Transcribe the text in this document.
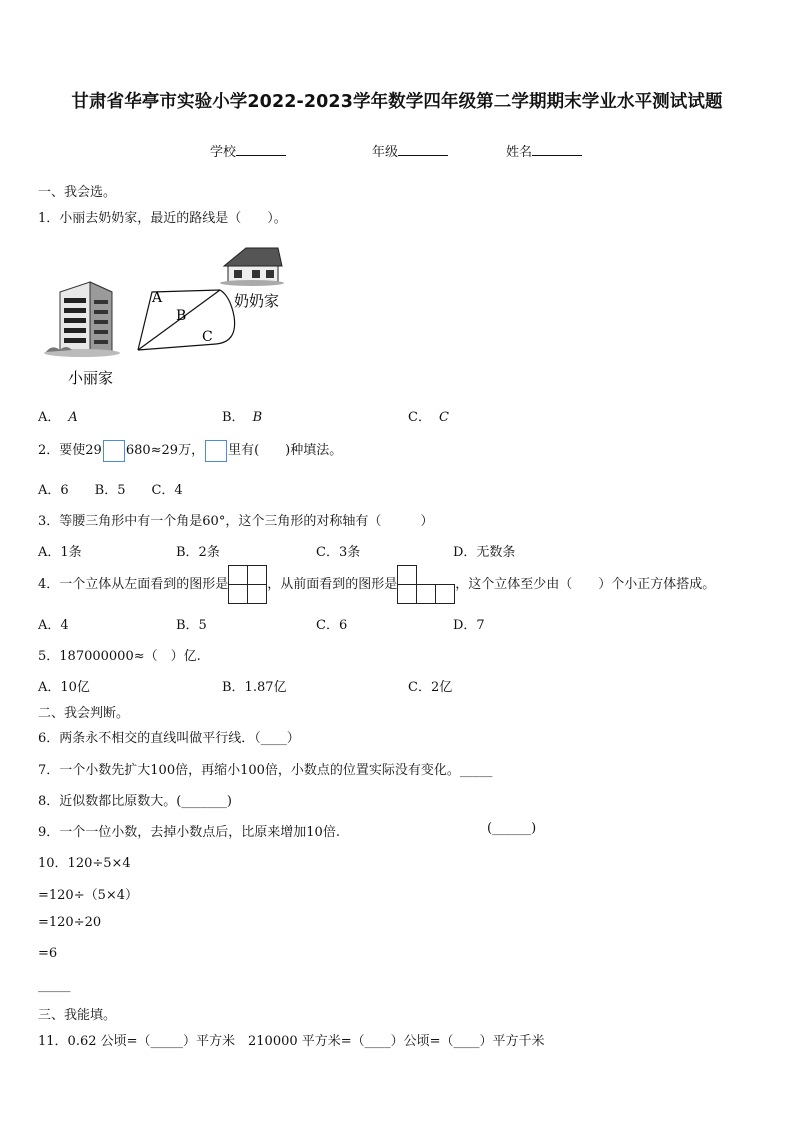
甘肃省华亭市实验小学2022-2023学年数学四年级第二学期期末学业水平测试试题
学校	年级	姓名
一、我会选。
1．小丽去奶奶家，最近的路线是（　　）。
A
B
C
奶奶家
小丽家
A． A	B． B	C． C
2．要使29 680≈29万， 里有(　　)种填法。
A．6　　B．5　　C．4
3．等腰三角形中有一个角是60°，这个三角形的对称轴有（　　　）
A．1条	B．2条	C．3条	D．无数条
4．一个立体从左面看到的图形是	
		，从前面看到的图形是		
			，这个立体至少由（　　）个小正方体搭成。
A．4	B．5	C．6	D．7
5．187000000≈（　）亿.
A．10亿	B．1.87亿	C．2亿
二、我会判断。
6．两条永不相交的直线叫做平行线．（____）
7．一个小数先扩大100倍，再缩小100倍，小数点的位置实际没有变化。_____
8．近似数都比原数大。(_______)
9．一个一位小数，去掉小数点后，比原来增加10倍.	(______)
10．120÷5×4
=120÷（5×4）
=120÷20
=6
_____
三、我能填。
11．0.62 公顷=（_____）平方米　210000 平方米=（____）公顷=（____）平方千米
